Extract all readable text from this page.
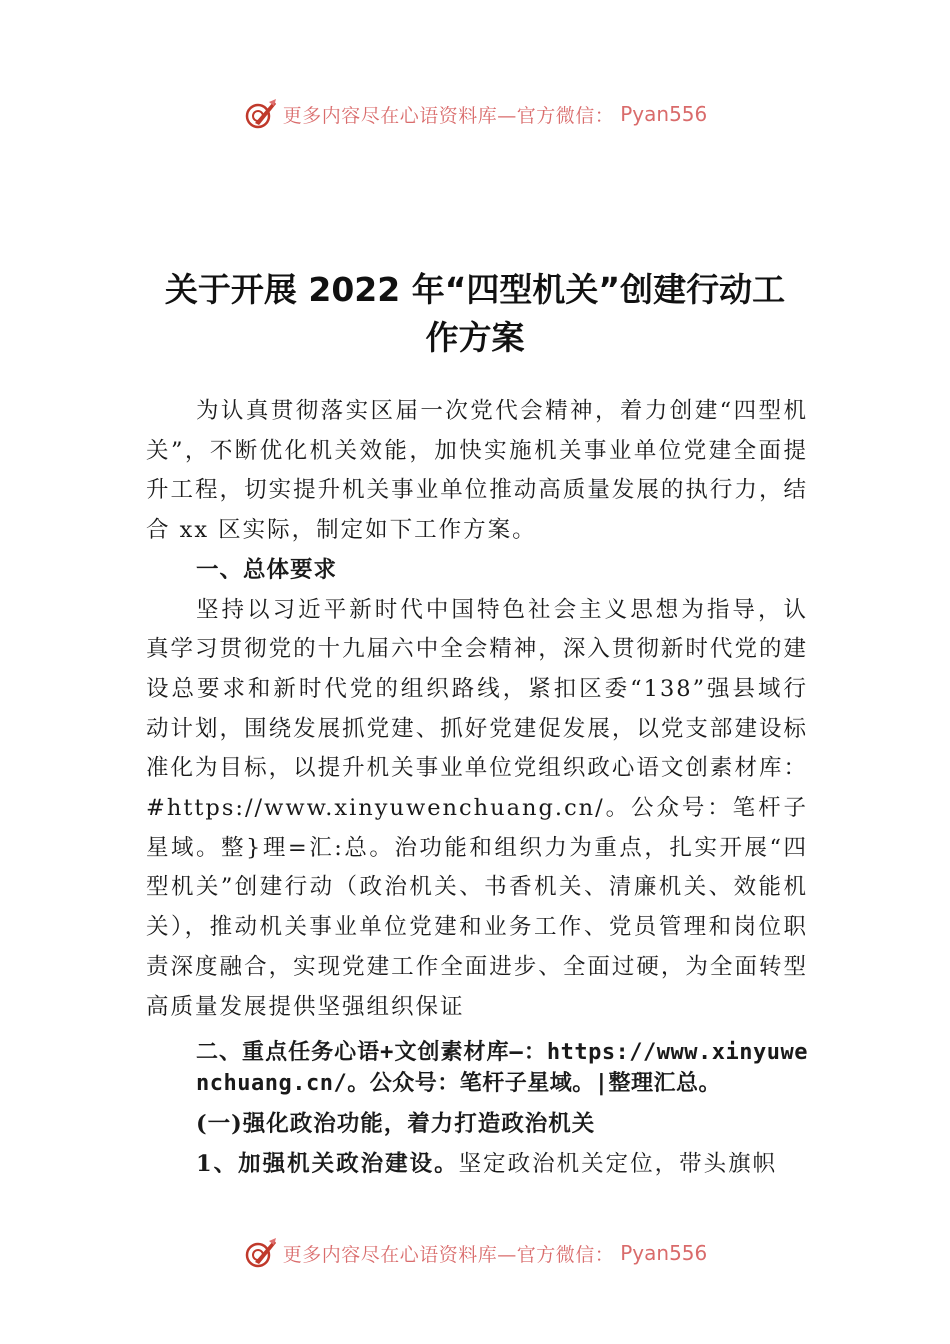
更多内容尽在心语资料库—官方微信： Pyan556
关于开展 2022 年“四型机关”创建行动工
作方案

为认真贯彻落实区届一次党代会精神，着力创建“四型机关”，不断优化机关效能，加快实施机关事业单位党建全面提升工程，切实提升机关事业单位推动高质量发展的执行力，结合 xx 区实际，制定如下工作方案。

一、总体要求

坚持以习近平新时代中国特色社会主义思想为指导，认真学习贯彻党的十九届六中全会精神，深入贯彻新时代党的建设总要求和新时代党的组织路线，紧扣区委“138”强县域行动计划，围绕发展抓党建、抓好党建促发展，以党支部建设标准化为目标，以提升机关事业单位党组织政心语文创素材库：#https://www.xinyuwenchuang.cn/。公众号：笔杆子星域。整}理=汇:总。治功能和组织力为重点，扎实开展“四型机关”创建行动（政治机关、书香机关、清廉机关、效能机关），推动机关事业单位党建和业务工作、党员管理和岗位职责深度融合，实现党建工作全面进步、全面过硬，为全面转型高质量发展提供坚强组织保证

二、重点任务心语+文创素材库—：https://www.xinyuwenchuang.cn/。公众号：笔杆子星域。|整理汇总。

(一)强化政治功能，着力打造政治机关

1、加强机关政治建设。坚定政治机关定位，带头旗帜

更多内容尽在心语资料库—官方微信： Pyan556
